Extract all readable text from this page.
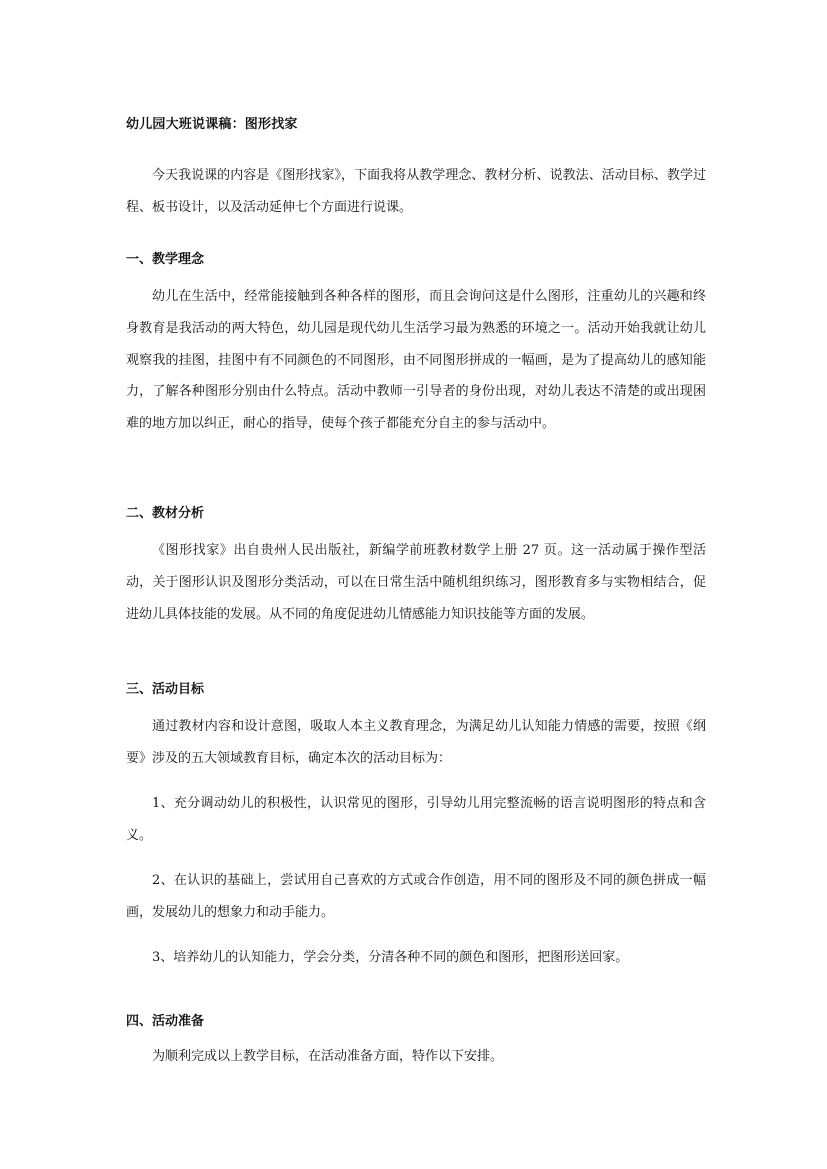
幼儿园大班说课稿：图形找家

今天我说课的内容是《图形找家》，下面我将从教学理念、教材分析、说教法、活动目标、教学过程、板书设计，以及活动延伸七个方面进行说课。

一、教学理念

幼儿在生活中，经常能接触到各种各样的图形，而且会询问这是什么图形，注重幼儿的兴趣和终身教育是我活动的两大特色，幼儿园是现代幼儿生活学习最为熟悉的环境之一。活动开始我就让幼儿观察我的挂图，挂图中有不同颜色的不同图形，由不同图形拼成的一幅画，是为了提高幼儿的感知能力，了解各种图形分别由什么特点。活动中教师一引导者的身份出现，对幼儿表达不清楚的或出现困难的地方加以纠正，耐心的指导，使每个孩子都能充分自主的参与活动中。

二、教材分析

《图形找家》出自贵州人民出版社，新编学前班教材数学上册 27 页。这一活动属于操作型活动，关于图形认识及图形分类活动，可以在日常生活中随机组织练习，图形教育多与实物相结合，促进幼儿具体技能的发展。从不同的角度促进幼儿情感能力知识技能等方面的发展。

三、活动目标

通过教材内容和设计意图，吸取人本主义教育理念，为满足幼儿认知能力情感的需要，按照《纲要》涉及的五大领域教育目标，确定本次的活动目标为：

1、充分调动幼儿的积极性，认识常见的图形，引导幼儿用完整流畅的语言说明图形的特点和含义。

2、在认识的基础上，尝试用自己喜欢的方式或合作创造，用不同的图形及不同的颜色拼成一幅画，发展幼儿的想象力和动手能力。

3、培养幼儿的认知能力，学会分类，分清各种不同的颜色和图形，把图形送回家。

四、活动准备

为顺利完成以上教学目标，在活动准备方面，特作以下安排。
